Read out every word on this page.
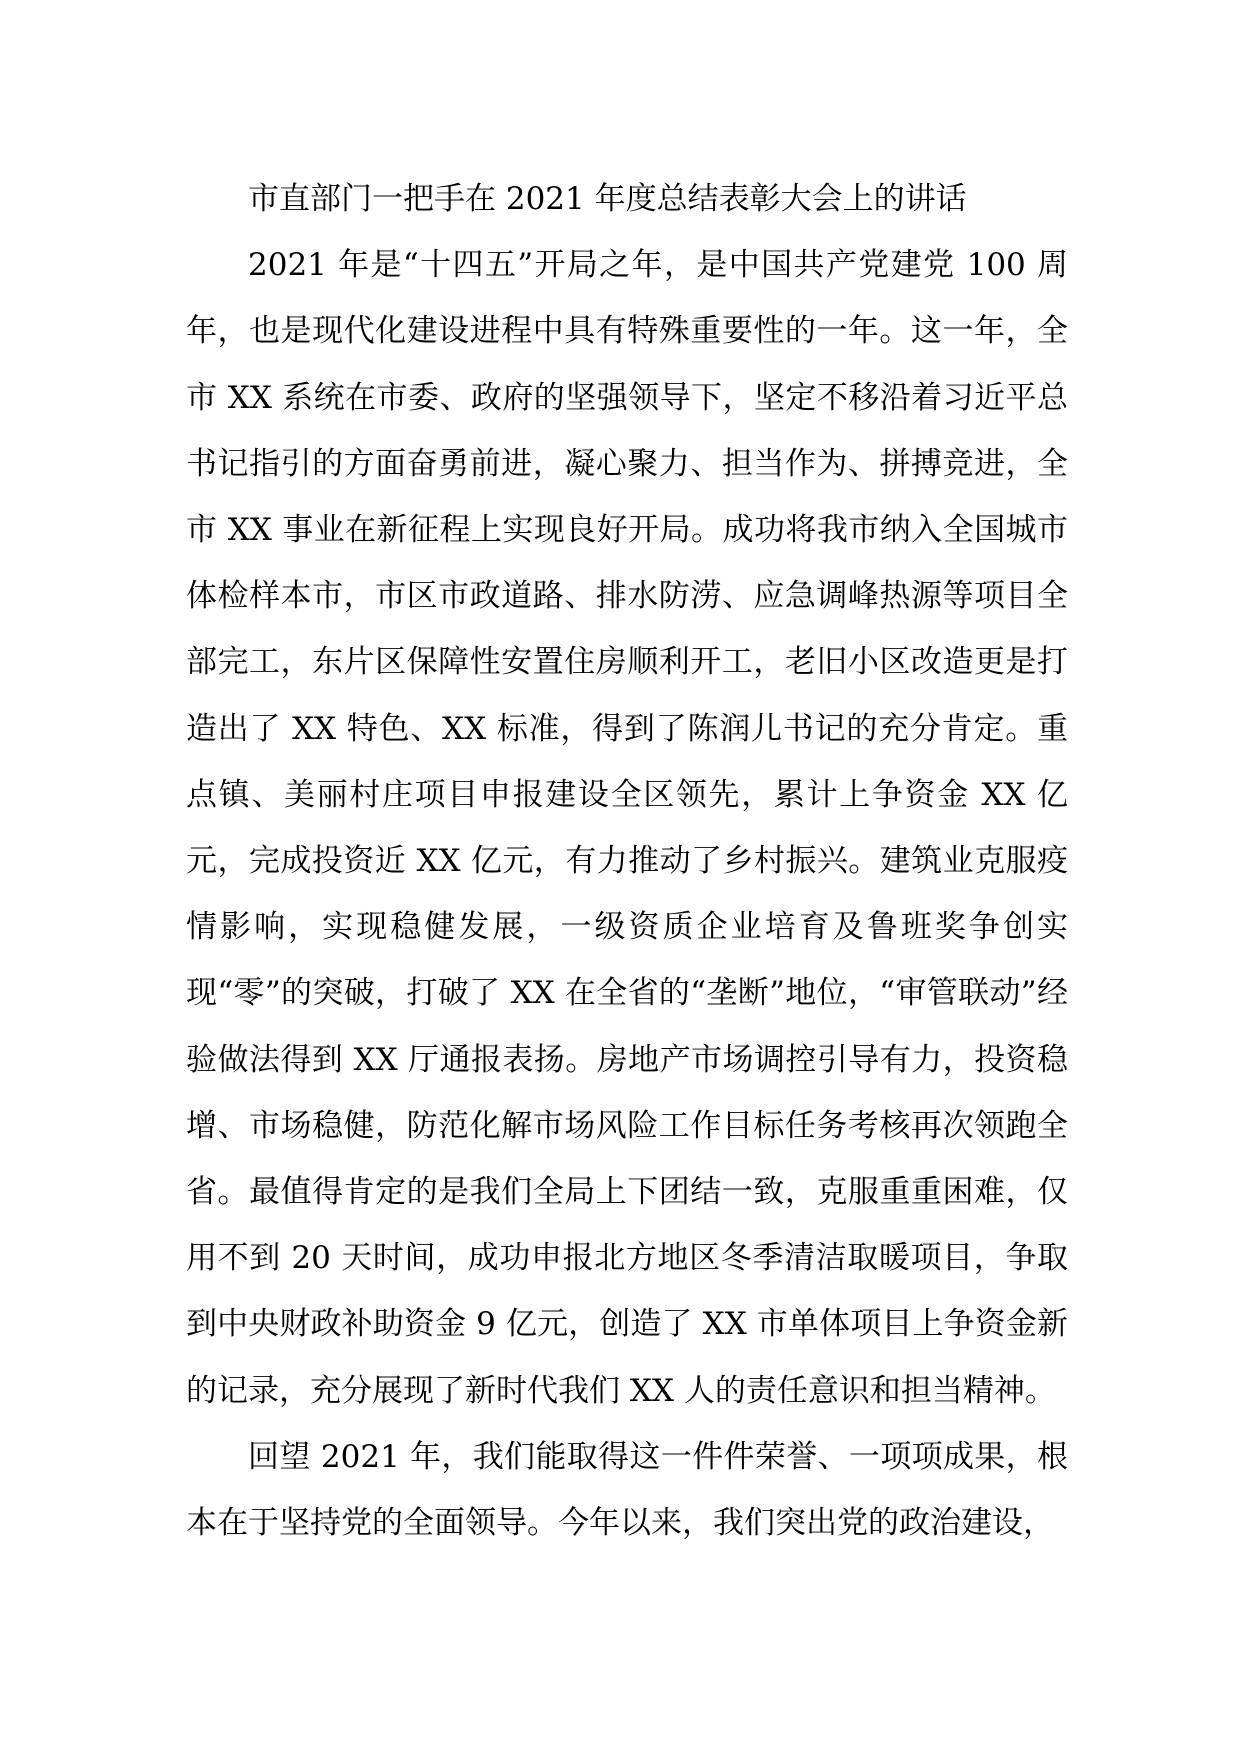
市直部门一把手在 2021 年度总结表彰大会上的讲话

2021 年是“十四五”开局之年，是中国共产党建党 100 周年，也是现代化建设进程中具有特殊重要性的一年。这一年，全市 XX 系统在市委、政府的坚强领导下，坚定不移沿着习近平总书记指引的方面奋勇前进，凝心聚力、担当作为、拼搏竞进，全市 XX 事业在新征程上实现良好开局。成功将我市纳入全国城市体检样本市，市区市政道路、排水防涝、应急调峰热源等项目全部完工，东片区保障性安置住房顺利开工，老旧小区改造更是打造出了 XX 特色、XX 标准，得到了陈润儿书记的充分肯定。重点镇、美丽村庄项目申报建设全区领先，累计上争资金 XX 亿元，完成投资近 XX 亿元，有力推动了乡村振兴。建筑业克服疫情影响，实现稳健发展，一级资质企业培育及鲁班奖争创实现“零”的突破，打破了 XX 在全省的“垄断”地位，“审管联动”经验做法得到 XX 厅通报表扬。房地产市场调控引导有力，投资稳增、市场稳健，防范化解市场风险工作目标任务考核再次领跑全省。最值得肯定的是我们全局上下团结一致，克服重重困难，仅用不到 20 天时间，成功申报北方地区冬季清洁取暖项目，争取到中央财政补助资金 9 亿元，创造了 XX 市单体项目上争资金新的记录，充分展现了新时代我们 XX 人的责任意识和担当精神。

回望 2021 年，我们能取得这一件件荣誉、一项项成果，根本在于坚持党的全面领导。今年以来，我们突出党的政治建设，
